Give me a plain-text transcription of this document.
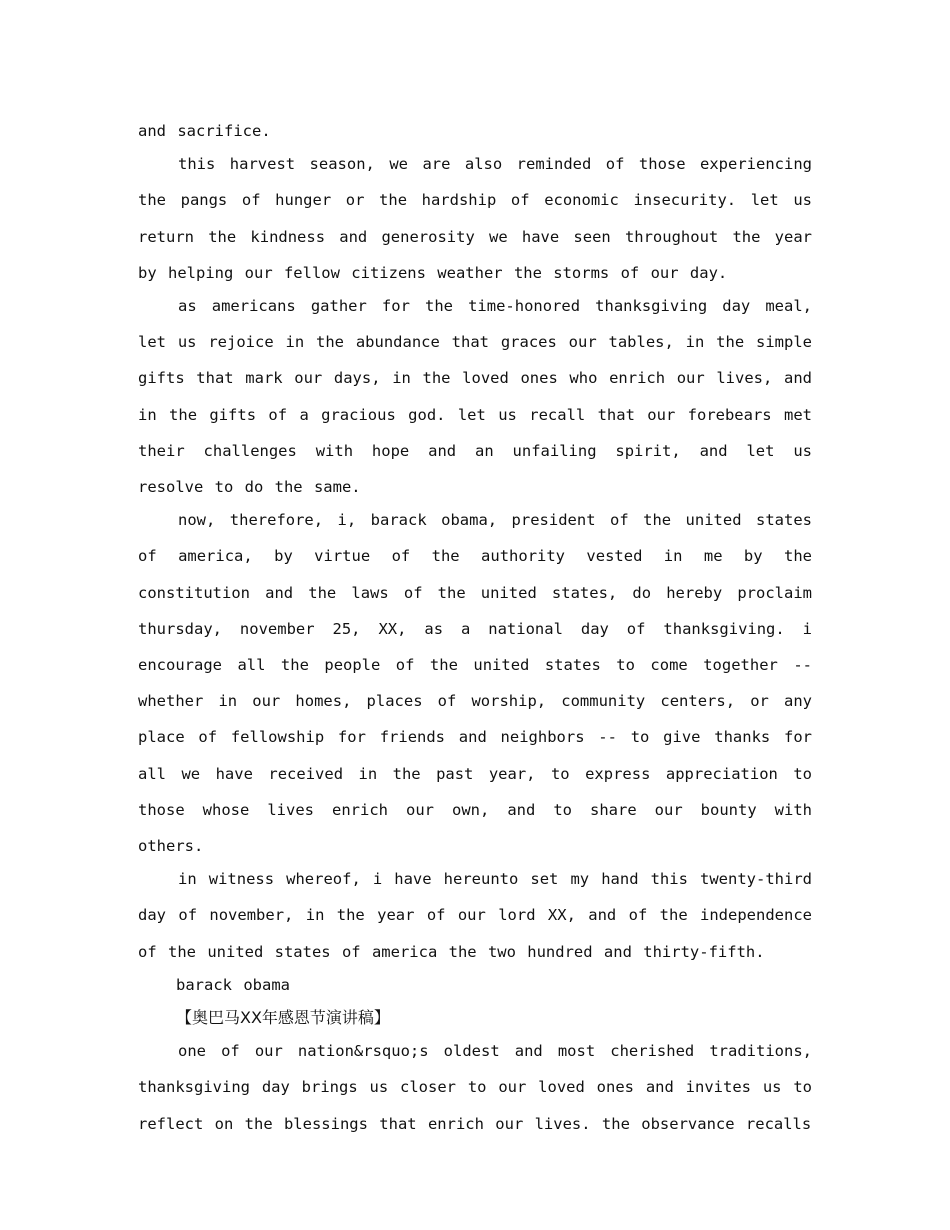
and sacrifice.

this harvest season, we are also reminded of those experiencing the pangs of hunger or the hardship of economic insecurity. let us return the kindness and generosity we have seen throughout the year by helping our fellow citizens weather the storms of our day.

as americans gather for the time-honored thanksgiving day meal, let us rejoice in the abundance that graces our tables, in the simple gifts that mark our days, in the loved ones who enrich our lives, and in the gifts of a gracious god. let us recall that our forebears met their challenges with hope and an unfailing spirit, and let us resolve to do the same.

now, therefore, i, barack obama, president of the united states of america, by virtue of the authority vested in me by the constitution and the laws of the united states, do hereby proclaim thursday, november 25, XX, as a national day of thanksgiving. i encourage all the people of the united states to come together -- whether in our homes, places of worship, community centers, or any place of fellowship for friends and neighbors -- to give thanks for all we have received in the past year, to express appreciation to those whose lives enrich our own, and to share our bounty with others.

in witness whereof, i have hereunto set my hand this twenty-third day of november, in the year of our lord XX, and of the independence of the united states of america the two hundred and thirty-fifth.

barack obama

【奥巴马XX年感恩节演讲稿】

one of our nation&rsquo;s oldest and most cherished traditions, thanksgiving day brings us closer to our loved ones and invites us to reflect on the blessings that enrich our lives. the observance recalls
